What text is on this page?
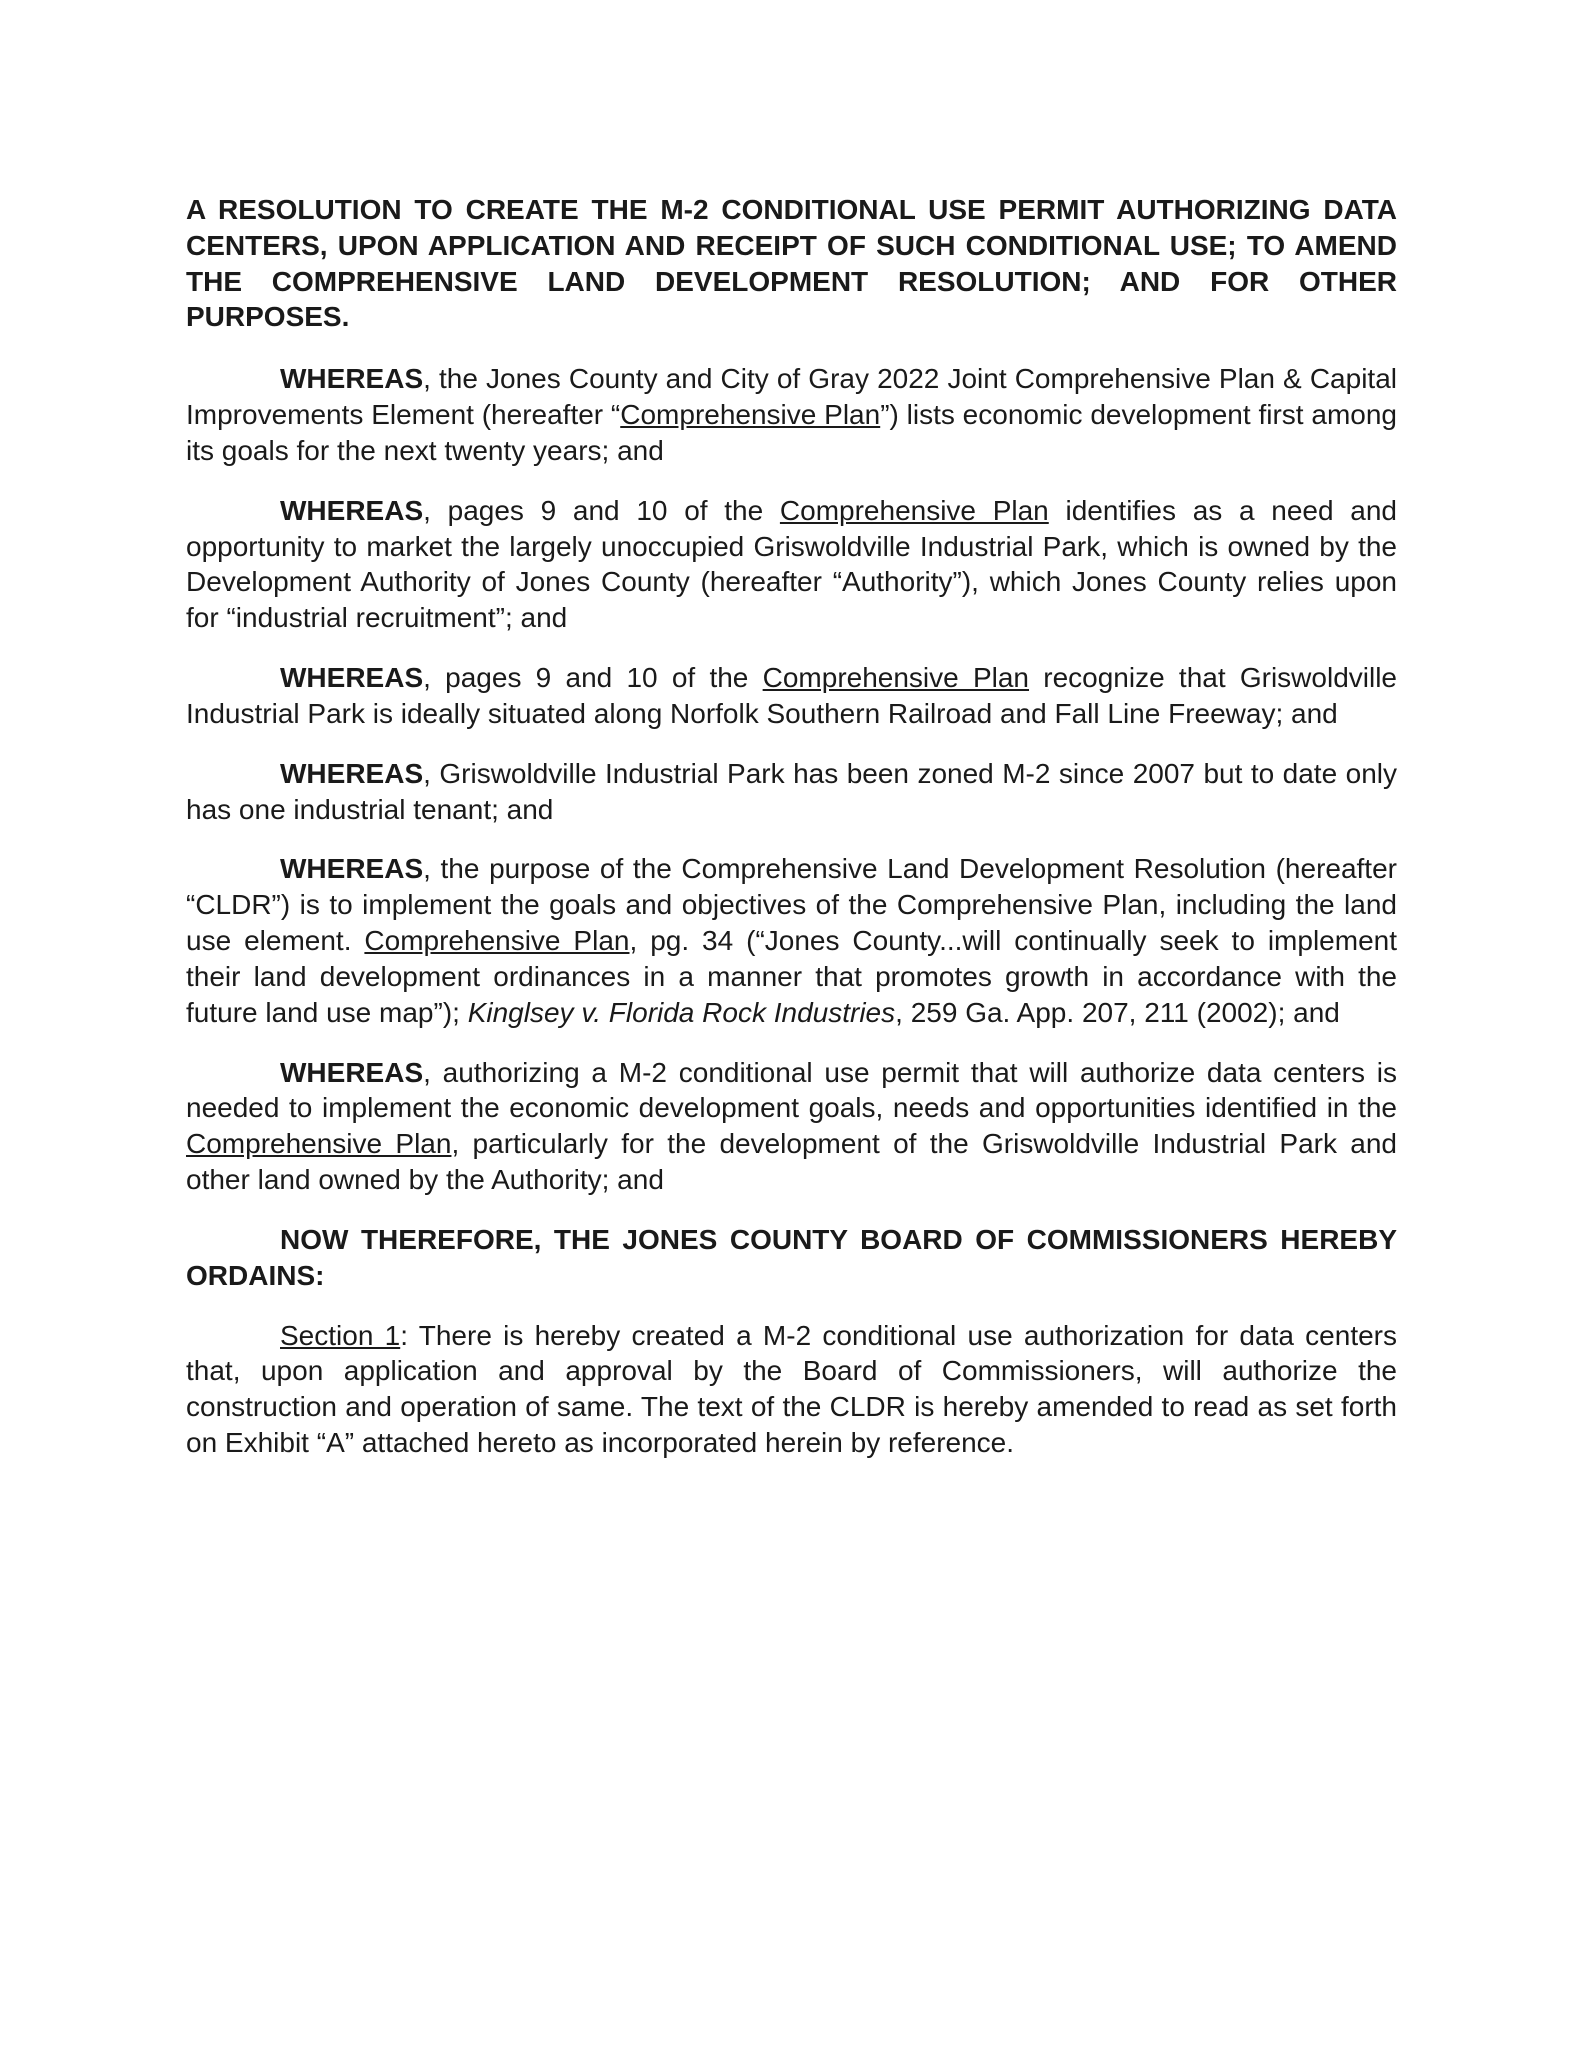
A RESOLUTION TO CREATE THE M-2 CONDITIONAL USE PERMIT AUTHORIZING DATA CENTERS, UPON APPLICATION AND RECEIPT OF SUCH CONDITIONAL USE; TO AMEND THE COMPREHENSIVE LAND DEVELOPMENT RESOLUTION; AND FOR OTHER PURPOSES.

WHEREAS, the Jones County and City of Gray 2022 Joint Comprehensive Plan & Capital Improvements Element (hereafter “Comprehensive Plan”) lists economic development first among its goals for the next twenty years; and

WHEREAS, pages 9 and 10 of the Comprehensive Plan identifies as a need and opportunity to market the largely unoccupied Griswoldville Industrial Park, which is owned by the Development Authority of Jones County (hereafter “Authority”), which Jones County relies upon for “industrial recruitment”; and

WHEREAS, pages 9 and 10 of the Comprehensive Plan recognize that Griswoldville Industrial Park is ideally situated along Norfolk Southern Railroad and Fall Line Freeway; and

WHEREAS, Griswoldville Industrial Park has been zoned M-2 since 2007 but to date only has one industrial tenant; and

WHEREAS, the purpose of the Comprehensive Land Development Resolution (hereafter “CLDR”) is to implement the goals and objectives of the Comprehensive Plan, including the land use element. Comprehensive Plan, pg. 34 (“Jones County...will continually seek to implement their land development ordinances in a manner that promotes growth in accordance with the future land use map”); Kinglsey v. Florida Rock Industries, 259 Ga. App. 207, 211 (2002); and

WHEREAS, authorizing a M-2 conditional use permit that will authorize data centers is needed to implement the economic development goals, needs and opportunities identified in the Comprehensive Plan, particularly for the development of the Griswoldville Industrial Park and other land owned by the Authority; and

NOW THEREFORE, THE JONES COUNTY BOARD OF COMMISSIONERS HEREBY ORDAINS:

Section 1: There is hereby created a M-2 conditional use authorization for data centers that, upon application and approval by the Board of Commissioners, will authorize the construction and operation of same. The text of the CLDR is hereby amended to read as set forth on Exhibit “A” attached hereto as incorporated herein by reference.
